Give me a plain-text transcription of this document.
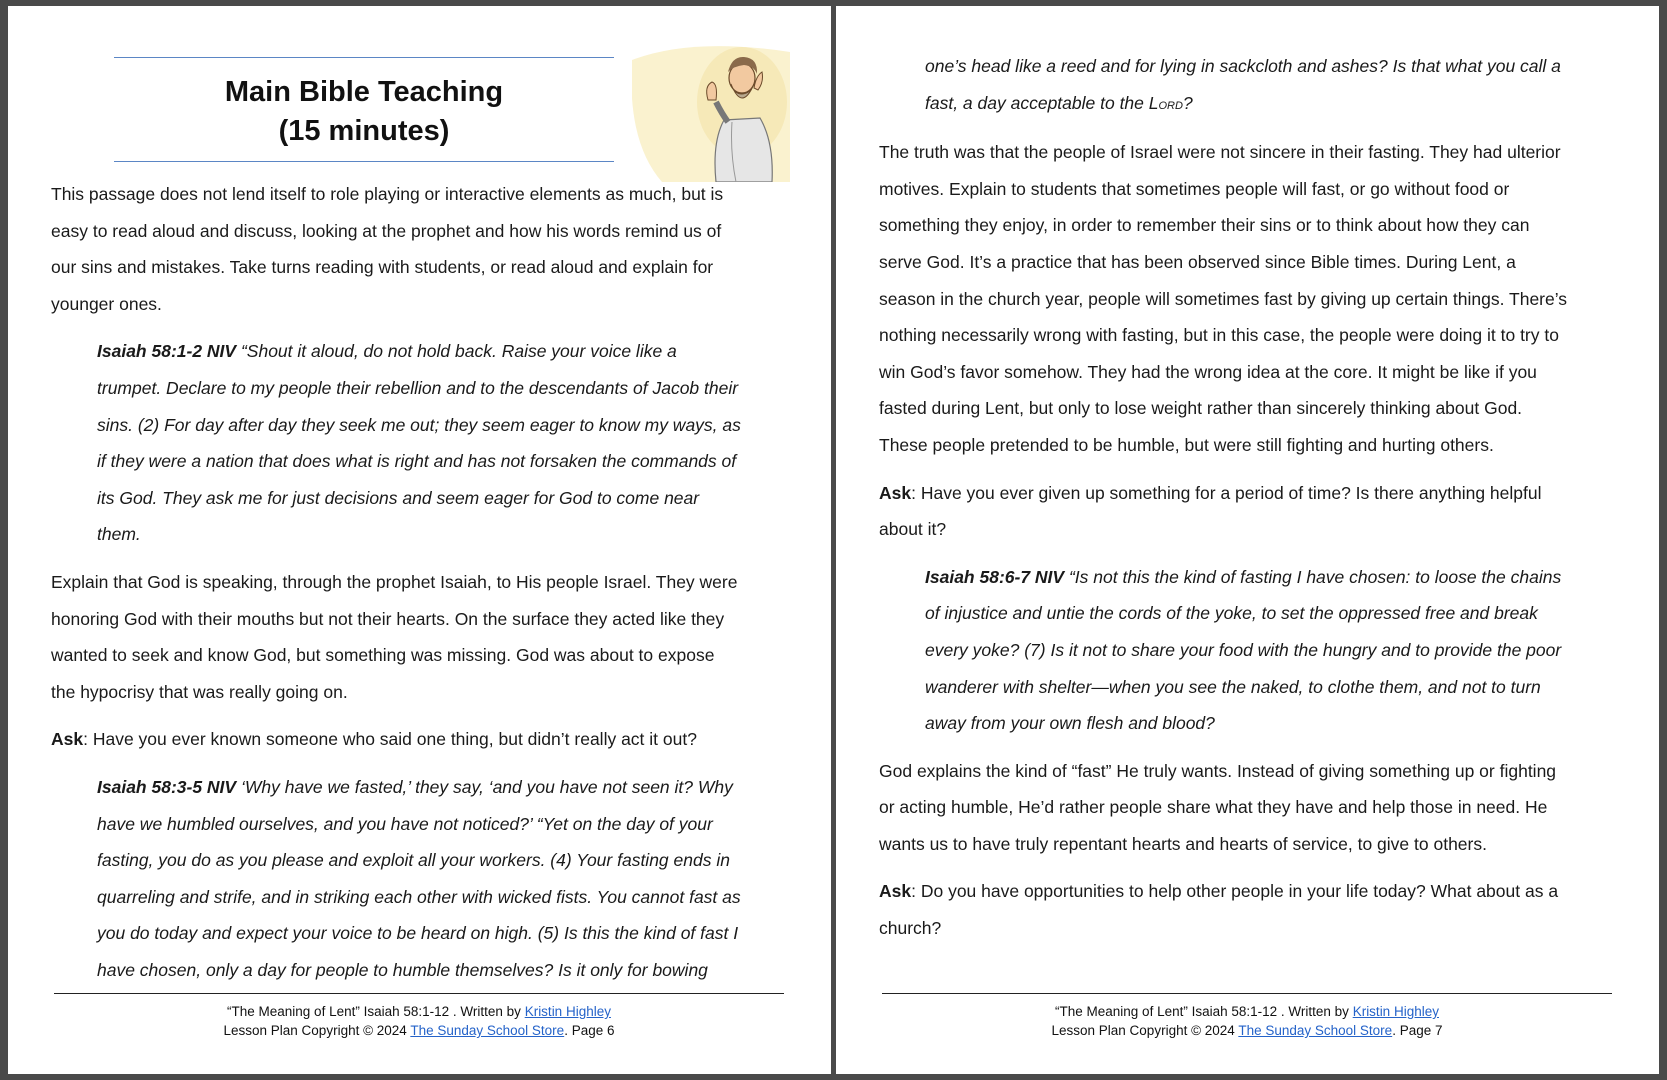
Main Bible Teaching
(15 minutes)

This passage does not lend itself to role playing or interactive elements as much, but is easy to read aloud and discuss, looking at the prophet and how his words remind us of our sins and mistakes. Take turns reading with students, or read aloud and explain for younger ones.

Isaiah 58:1-2 NIV “Shout it aloud, do not hold back. Raise your voice like a trumpet. Declare to my people their rebellion and to the descendants of Jacob their sins. (2) For day after day they seek me out; they seem eager to know my ways, as if they were a nation that does what is right and has not forsaken the commands of its God. They ask me for just decisions and seem eager for God to come near them.

Explain that God is speaking, through the prophet Isaiah, to His people Israel. They were honoring God with their mouths but not their hearts. On the surface they acted like they wanted to seek and know God, but something was missing. God was about to expose the hypocrisy that was really going on.

Ask: Have you ever known someone who said one thing, but didn’t really act it out?

Isaiah 58:3-5 NIV ‘Why have we fasted,’ they say, ‘and you have not seen it? Why have we humbled ourselves, and you have not noticed?’ “Yet on the day of your fasting, you do as you please and exploit all your workers. (4) Your fasting ends in quarreling and strife, and in striking each other with wicked fists. You cannot fast as you do today and expect your voice to be heard on high. (5) Is this the kind of fast I have chosen, only a day for people to humble themselves? Is it only for bowing

“The Meaning of Lent” Isaiah 58:1-12 . Written by Kristin Highley
Lesson Plan Copyright © 2024 The Sunday School Store. Page 6

one’s head like a reed and for lying in sackcloth and ashes? Is that what you call a fast, a day acceptable to the Lord?

The truth was that the people of Israel were not sincere in their fasting. They had ulterior motives. Explain to students that sometimes people will fast, or go without food or something they enjoy, in order to remember their sins or to think about how they can serve God. It’s a practice that has been observed since Bible times. During Lent, a season in the church year, people will sometimes fast by giving up certain things. There’s nothing necessarily wrong with fasting, but in this case, the people were doing it to try to win God’s favor somehow. They had the wrong idea at the core. It might be like if you fasted during Lent, but only to lose weight rather than sincerely thinking about God. These people pretended to be humble, but were still fighting and hurting others.

Ask: Have you ever given up something for a period of time? Is there anything helpful about it?

Isaiah 58:6-7 NIV “Is not this the kind of fasting I have chosen: to loose the chains of injustice and untie the cords of the yoke, to set the oppressed free and break every yoke? (7) Is it not to share your food with the hungry and to provide the poor wanderer with shelter—when you see the naked, to clothe them, and not to turn away from your own flesh and blood?

God explains the kind of “fast” He truly wants. Instead of giving something up or fighting or acting humble, He’d rather people share what they have and help those in need. He wants us to have truly repentant hearts and hearts of service, to give to others.

Ask: Do you have opportunities to help other people in your life today? What about as a church?

“The Meaning of Lent” Isaiah 58:1-12 . Written by Kristin Highley
Lesson Plan Copyright © 2024 The Sunday School Store. Page 7
